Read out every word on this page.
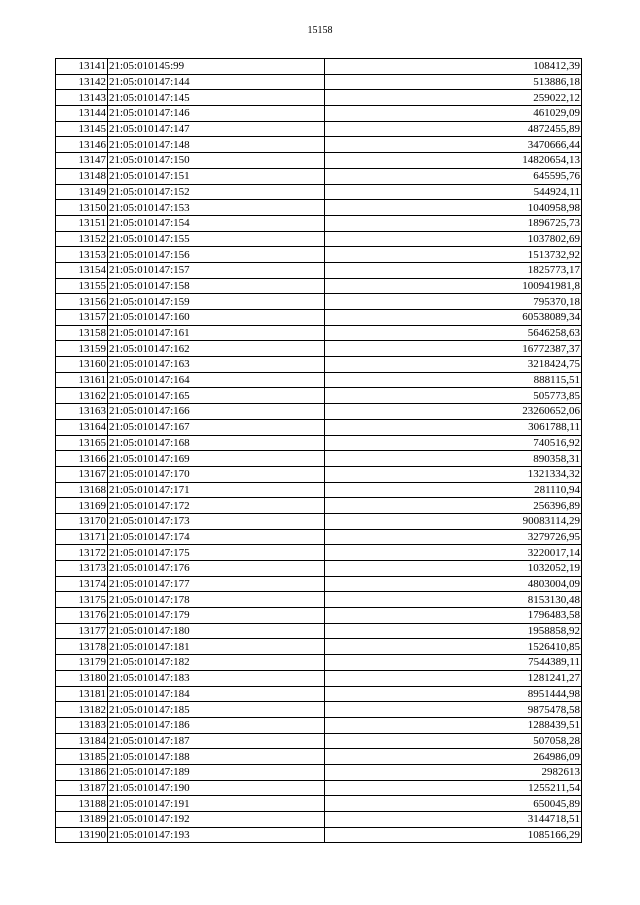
15158
13141	21:05:010145:99	108412,39
13142	21:05:010147:144	513886,18
13143	21:05:010147:145	259022,12
13144	21:05:010147:146	461029,09
13145	21:05:010147:147	4872455,89
13146	21:05:010147:148	3470666,44
13147	21:05:010147:150	14820654,13
13148	21:05:010147:151	645595,76
13149	21:05:010147:152	544924,11
13150	21:05:010147:153	1040958,98
13151	21:05:010147:154	1896725,73
13152	21:05:010147:155	1037802,69
13153	21:05:010147:156	1513732,92
13154	21:05:010147:157	1825773,17
13155	21:05:010147:158	100941981,8
13156	21:05:010147:159	795370,18
13157	21:05:010147:160	60538089,34
13158	21:05:010147:161	5646258,63
13159	21:05:010147:162	16772387,37
13160	21:05:010147:163	3218424,75
13161	21:05:010147:164	888115,51
13162	21:05:010147:165	505773,85
13163	21:05:010147:166	23260652,06
13164	21:05:010147:167	3061788,11
13165	21:05:010147:168	740516,92
13166	21:05:010147:169	890358,31
13167	21:05:010147:170	1321334,32
13168	21:05:010147:171	281110,94
13169	21:05:010147:172	256396,89
13170	21:05:010147:173	90083114,29
13171	21:05:010147:174	3279726,95
13172	21:05:010147:175	3220017,14
13173	21:05:010147:176	1032052,19
13174	21:05:010147:177	4803004,09
13175	21:05:010147:178	8153130,48
13176	21:05:010147:179	1796483,58
13177	21:05:010147:180	1958858,92
13178	21:05:010147:181	1526410,85
13179	21:05:010147:182	7544389,11
13180	21:05:010147:183	1281241,27
13181	21:05:010147:184	8951444,98
13182	21:05:010147:185	9875478,58
13183	21:05:010147:186	1288439,51
13184	21:05:010147:187	507058,28
13185	21:05:010147:188	264986,09
13186	21:05:010147:189	2982613
13187	21:05:010147:190	1255211,54
13188	21:05:010147:191	650045,89
13189	21:05:010147:192	3144718,51
13190	21:05:010147:193	1085166,29
